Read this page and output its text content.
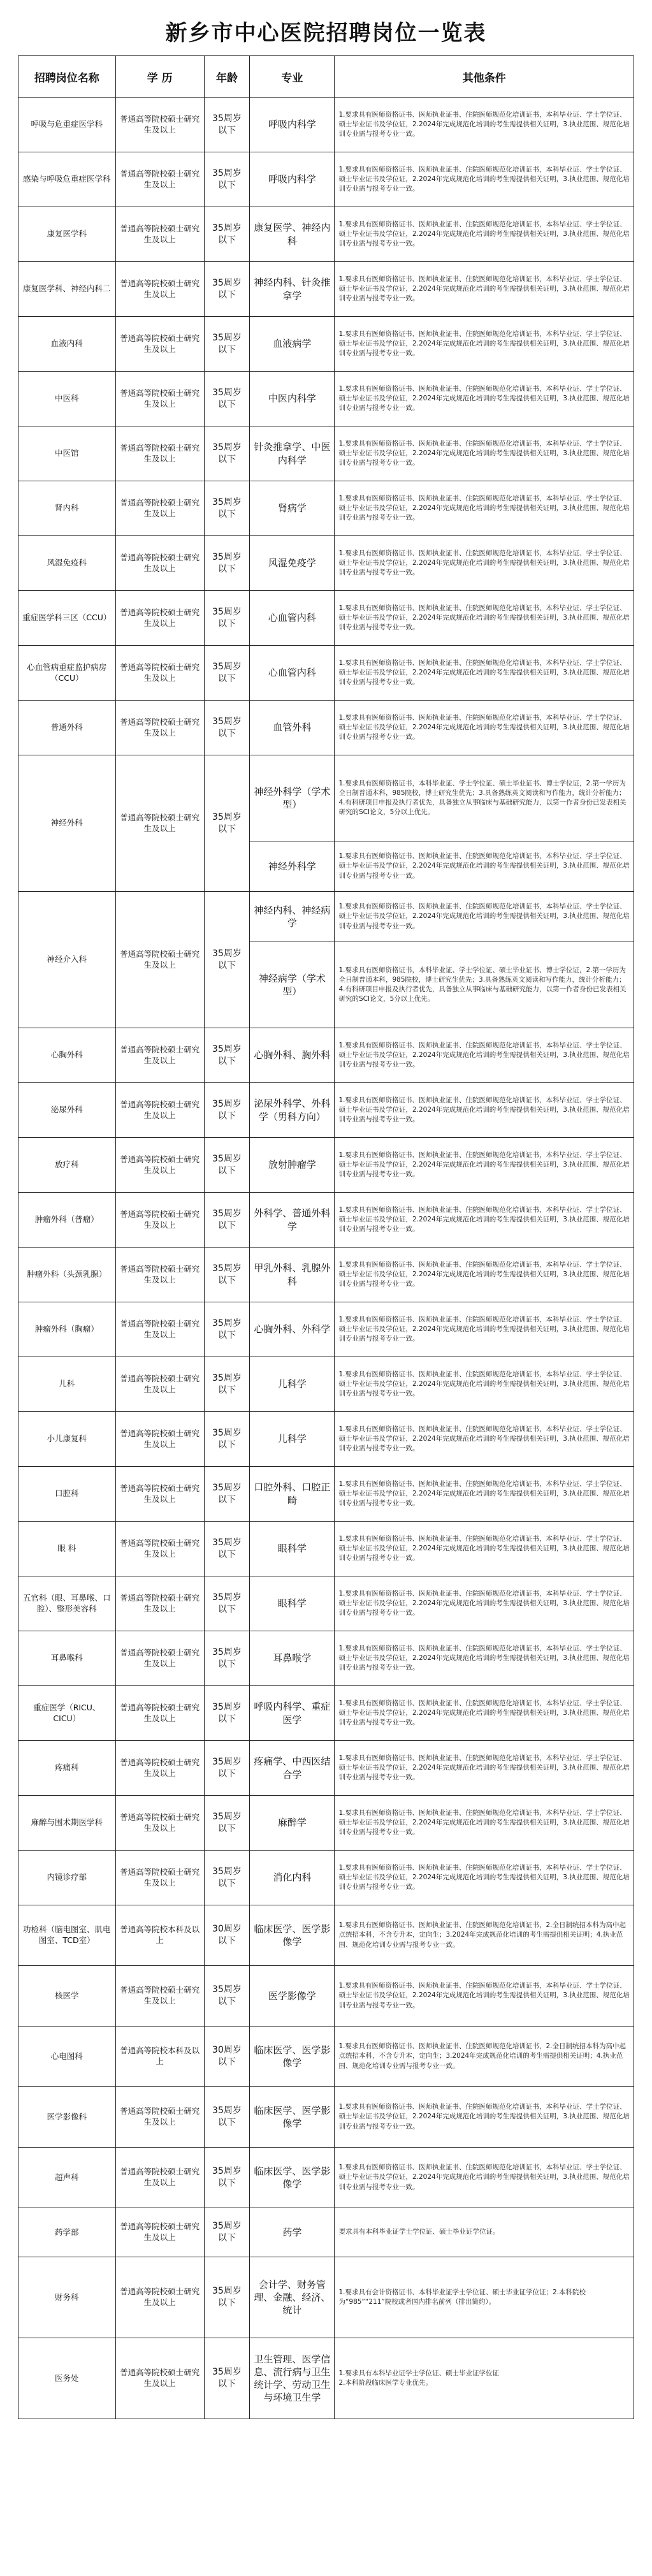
新乡市中心医院招聘岗位一览表
招聘岗位名称	学 历	年龄	专业	其他条件
呼吸与危重症医学科	普通高等院校硕士研究生及以上	35周岁以下	呼吸内科学	1.要求具有医师资格证书、医师执业证书、住院医师规范化培训证书，本科毕业证、学士学位证、硕士毕业证书及学位证，2.2024年完成规范化培训的考生需提供相关证明，3.执业范围、规范化培训专业需与报考专业一致。
感染与呼吸危重症医学科	普通高等院校硕士研究生及以上	35周岁以下	呼吸内科学	1.要求具有医师资格证书、医师执业证书、住院医师规范化培训证书，本科毕业证、学士学位证、硕士毕业证书及学位证，2.2024年完成规范化培训的考生需提供相关证明，3.执业范围、规范化培训专业需与报考专业一致。
康复医学科	普通高等院校硕士研究生及以上	35周岁以下	康复医学、神经内科	1.要求具有医师资格证书、医师执业证书、住院医师规范化培训证书，本科毕业证、学士学位证、硕士毕业证书及学位证，2.2024年完成规范化培训的考生需提供相关证明，3.执业范围、规范化培训专业需与报考专业一致。
康复医学科、神经内科二	普通高等院校硕士研究生及以上	35周岁以下	神经内科、针灸推拿学	1.要求具有医师资格证书、医师执业证书、住院医师规范化培训证书，本科毕业证、学士学位证、硕士毕业证书及学位证，2.2024年完成规范化培训的考生需提供相关证明，3.执业范围、规范化培训专业需与报考专业一致。
血液内科	普通高等院校硕士研究生及以上	35周岁以下	血液病学	1.要求具有医师资格证书、医师执业证书、住院医师规范化培训证书，本科毕业证、学士学位证、硕士毕业证书及学位证，2.2024年完成规范化培训的考生需提供相关证明，3.执业范围、规范化培训专业需与报考专业一致。
中医科	普通高等院校硕士研究生及以上	35周岁以下	中医内科学	1.要求具有医师资格证书、医师执业证书、住院医师规范化培训证书，本科毕业证、学士学位证、硕士毕业证书及学位证，2.2024年完成规范化培训的考生需提供相关证明，3.执业范围、规范化培训专业需与报考专业一致。
中医馆	普通高等院校硕士研究生及以上	35周岁以下	针灸推拿学、中医内科学	1.要求具有医师资格证书、医师执业证书、住院医师规范化培训证书，本科毕业证、学士学位证、硕士毕业证书及学位证，2.2024年完成规范化培训的考生需提供相关证明，3.执业范围、规范化培训专业需与报考专业一致。
肾内科	普通高等院校硕士研究生及以上	35周岁以下	肾病学	1.要求具有医师资格证书、医师执业证书、住院医师规范化培训证书，本科毕业证、学士学位证、硕士毕业证书及学位证，2.2024年完成规范化培训的考生需提供相关证明，3.执业范围、规范化培训专业需与报考专业一致。
风湿免疫科	普通高等院校硕士研究生及以上	35周岁以下	风湿免疫学	1.要求具有医师资格证书、医师执业证书、住院医师规范化培训证书，本科毕业证、学士学位证、硕士毕业证书及学位证，2.2024年完成规范化培训的考生需提供相关证明，3.执业范围、规范化培训专业需与报考专业一致。
重症医学科三区（CCU）	普通高等院校硕士研究生及以上	35周岁以下	心血管内科	1.要求具有医师资格证书、医师执业证书、住院医师规范化培训证书，本科毕业证、学士学位证、硕士毕业证书及学位证，2.2024年完成规范化培训的考生需提供相关证明，3.执业范围、规范化培训专业需与报考专业一致。
心血管病重症监护病房（CCU）	普通高等院校硕士研究生及以上	35周岁以下	心血管内科	1.要求具有医师资格证书、医师执业证书、住院医师规范化培训证书，本科毕业证、学士学位证、硕士毕业证书及学位证，2.2024年完成规范化培训的考生需提供相关证明，3.执业范围、规范化培训专业需与报考专业一致。
普通外科	普通高等院校硕士研究生及以上	35周岁以下	血管外科	1.要求具有医师资格证书、医师执业证书、住院医师规范化培训证书，本科毕业证、学士学位证、硕士毕业证书及学位证，2.2024年完成规范化培训的考生需提供相关证明，3.执业范围、规范化培训专业需与报考专业一致。
神经外科	普通高等院校硕士研究生及以上	35周岁以下	神经外科学（学术型）	1.要求具有医师资格证书，本科毕业证、学士学位证、硕士毕业证书、博士学位证，2.第一学历为全日制普通本科，985院校，博士研究生优先；3.具备熟练英文阅读和写作能力，统计分析能力；4.有科研项目申报及执行者优先，具备独立从事临床与基础研究能力，以第一作者身份已发表相关研究的SCI论文，5分以上优先。
			神经外科学	1.要求具有医师资格证书、医师执业证书、住院医师规范化培训证书，本科毕业证、学士学位证、硕士毕业证书及学位证，2.2024年完成规范化培训的考生需提供相关证明，3.执业范围、规范化培训专业需与报考专业一致。
神经介入科	普通高等院校硕士研究生及以上	35周岁以下	神经内科、神经病学	1.要求具有医师资格证书、医师执业证书、住院医师规范化培训证书，本科毕业证、学士学位证、硕士毕业证书及学位证，2.2024年完成规范化培训的考生需提供相关证明，3.执业范围、规范化培训专业需与报考专业一致。
			神经病学（学术型）	1.要求具有医师资格证书，本科毕业证、学士学位证、硕士毕业证书、博士学位证，2.第一学历为全日制普通本科，985院校，博士研究生优先；3.具备熟练英文阅读和写作能力，统计分析能力；4.有科研项目申报及执行者优先，具备独立从事临床与基础研究能力，以第一作者身份已发表相关研究的SCI论文，5分以上优先。
心胸外科	普通高等院校硕士研究生及以上	35周岁以下	心胸外科、胸外科	1.要求具有医师资格证书、医师执业证书、住院医师规范化培训证书，本科毕业证、学士学位证、硕士毕业证书及学位证，2.2024年完成规范化培训的考生需提供相关证明，3.执业范围、规范化培训专业需与报考专业一致。
泌尿外科	普通高等院校硕士研究生及以上	35周岁以下	泌尿外科学、外科学（男科方向）	1.要求具有医师资格证书、医师执业证书、住院医师规范化培训证书，本科毕业证、学士学位证、硕士毕业证书及学位证，2.2024年完成规范化培训的考生需提供相关证明，3.执业范围、规范化培训专业需与报考专业一致。
放疗科	普通高等院校硕士研究生及以上	35周岁以下	放射肿瘤学	1.要求具有医师资格证书、医师执业证书、住院医师规范化培训证书，本科毕业证、学士学位证、硕士毕业证书及学位证，2.2024年完成规范化培训的考生需提供相关证明，3.执业范围、规范化培训专业需与报考专业一致。
肿瘤外科（普瘤）	普通高等院校硕士研究生及以上	35周岁以下	外科学、普通外科学	1.要求具有医师资格证书、医师执业证书、住院医师规范化培训证书，本科毕业证、学士学位证、硕士毕业证书及学位证，2.2024年完成规范化培训的考生需提供相关证明，3.执业范围、规范化培训专业需与报考专业一致。
肿瘤外科（头颈乳腺）	普通高等院校硕士研究生及以上	35周岁以下	甲乳外科、乳腺外科	1.要求具有医师资格证书、医师执业证书、住院医师规范化培训证书，本科毕业证、学士学位证、硕士毕业证书及学位证，2.2024年完成规范化培训的考生需提供相关证明，3.执业范围、规范化培训专业需与报考专业一致。
肿瘤外科（胸瘤）	普通高等院校硕士研究生及以上	35周岁以下	心胸外科、外科学	1.要求具有医师资格证书、医师执业证书、住院医师规范化培训证书，本科毕业证、学士学位证、硕士毕业证书及学位证，2.2024年完成规范化培训的考生需提供相关证明，3.执业范围、规范化培训专业需与报考专业一致。
儿科	普通高等院校硕士研究生及以上	35周岁以下	儿科学	1.要求具有医师资格证书、医师执业证书、住院医师规范化培训证书，本科毕业证、学士学位证、硕士毕业证书及学位证，2.2024年完成规范化培训的考生需提供相关证明，3.执业范围、规范化培训专业需与报考专业一致。
小儿康复科	普通高等院校硕士研究生及以上	35周岁以下	儿科学	1.要求具有医师资格证书、医师执业证书、住院医师规范化培训证书，本科毕业证、学士学位证、硕士毕业证书及学位证，2.2024年完成规范化培训的考生需提供相关证明，3.执业范围、规范化培训专业需与报考专业一致。
口腔科	普通高等院校硕士研究生及以上	35周岁以下	口腔外科、口腔正畸	1.要求具有医师资格证书、医师执业证书、住院医师规范化培训证书，本科毕业证、学士学位证、硕士毕业证书及学位证，2.2024年完成规范化培训的考生需提供相关证明，3.执业范围、规范化培训专业需与报考专业一致。
眼 科	普通高等院校硕士研究生及以上	35周岁以下	眼科学	1.要求具有医师资格证书、医师执业证书、住院医师规范化培训证书，本科毕业证、学士学位证、硕士毕业证书及学位证，2.2024年完成规范化培训的考生需提供相关证明，3.执业范围、规范化培训专业需与报考专业一致。
五官科（眼、耳鼻喉、口腔）、整形美容科	普通高等院校硕士研究生及以上	35周岁以下	眼科学	1.要求具有医师资格证书、医师执业证书、住院医师规范化培训证书，本科毕业证、学士学位证、硕士毕业证书及学位证，2.2024年完成规范化培训的考生需提供相关证明，3.执业范围、规范化培训专业需与报考专业一致。
耳鼻喉科	普通高等院校硕士研究生及以上	35周岁以下	耳鼻喉学	1.要求具有医师资格证书、医师执业证书、住院医师规范化培训证书，本科毕业证、学士学位证、硕士毕业证书及学位证，2.2024年完成规范化培训的考生需提供相关证明，3.执业范围、规范化培训专业需与报考专业一致。
重症医学（RICU、CICU）	普通高等院校硕士研究生及以上	35周岁以下	呼吸内科学、重症医学	1.要求具有医师资格证书、医师执业证书、住院医师规范化培训证书，本科毕业证、学士学位证、硕士毕业证书及学位证，2.2024年完成规范化培训的考生需提供相关证明，3.执业范围、规范化培训专业需与报考专业一致。
疼痛科	普通高等院校硕士研究生及以上	35周岁以下	疼痛学、中西医结合学	1.要求具有医师资格证书、医师执业证书、住院医师规范化培训证书，本科毕业证、学士学位证、硕士毕业证书及学位证，2.2024年完成规范化培训的考生需提供相关证明，3.执业范围、规范化培训专业需与报考专业一致。
麻醉与围术期医学科	普通高等院校硕士研究生及以上	35周岁以下	麻醉学	1.要求具有医师资格证书、医师执业证书、住院医师规范化培训证书，本科毕业证、学士学位证、硕士毕业证书及学位证，2.2024年完成规范化培训的考生需提供相关证明，3.执业范围、规范化培训专业需与报考专业一致。
内镜诊疗部	普通高等院校硕士研究生及以上	35周岁以下	消化内科	1.要求具有医师资格证书、医师执业证书、住院医师规范化培训证书，本科毕业证、学士学位证、硕士毕业证书及学位证，2.2024年完成规范化培训的考生需提供相关证明，3.执业范围、规范化培训专业需与报考专业一致。
功检科（脑电图室、肌电图室、TCD室）	普通高等院校本科及以上	30周岁以下	临床医学、医学影像学	1.要求具有医师资格证书、医师执业证书、住院医师规范化培训证书，2.全日制统招本科为高中起点统招本科，不含专升本，定向生；3.2024年完成规范化培训的考生需提供相关证明；4.执业范围、规范化培训专业需与报考专业一致。
核医学	普通高等院校硕士研究生及以上	35周岁以下	医学影像学	1.要求具有医师资格证书、医师执业证书、住院医师规范化培训证书，本科毕业证、学士学位证、硕士毕业证书及学位证，2.2024年完成规范化培训的考生需提供相关证明，3.执业范围、规范化培训专业需与报考专业一致。
心电图科	普通高等院校本科及以上	30周岁以下	临床医学、医学影像学	1.要求具有医师资格证书、医师执业证书、住院医师规范化培训证书，2.全日制统招本科为高中起点统招本科，不含专升本，定向生；3.2024年完成规范化培训的考生需提供相关证明；4.执业范围、规范化培训专业需与报考专业一致。
医学影像科	普通高等院校硕士研究生及以上	35周岁以下	临床医学、医学影像学	1.要求具有医师资格证书、医师执业证书、住院医师规范化培训证书，本科毕业证、学士学位证、硕士毕业证书及学位证，2.2024年完成规范化培训的考生需提供相关证明，3.执业范围、规范化培训专业需与报考专业一致。
超声科	普通高等院校硕士研究生及以上	35周岁以下	临床医学、医学影像学	1.要求具有医师资格证书、医师执业证书、住院医师规范化培训证书，本科毕业证、学士学位证、硕士毕业证书及学位证，2.2024年完成规范化培训的考生需提供相关证明，3.执业范围、规范化培训专业需与报考专业一致。
药学部	普通高等院校硕士研究生及以上	35周岁以下	药学	要求具有本科毕业证学士学位证、硕士毕业证学位证。
财务科	普通高等院校硕士研究生及以上	35周岁以下	会计学、财务管理、金融、经济、统计	1.要求具有会计资格证书、本科毕业证学士学位证、硕士毕业证学位证；2.本科院校为“985”“211”院校或者国内排名前列（排出简约）。
医务处	普通高等院校硕士研究生及以上	35周岁以下	卫生管理、医学信息、流行病与卫生统计学、劳动卫生与环境卫生学	1.要求具有本科毕业证学士学位证、硕士毕业证学位证
2.本科阶段临床医学专业优先。
